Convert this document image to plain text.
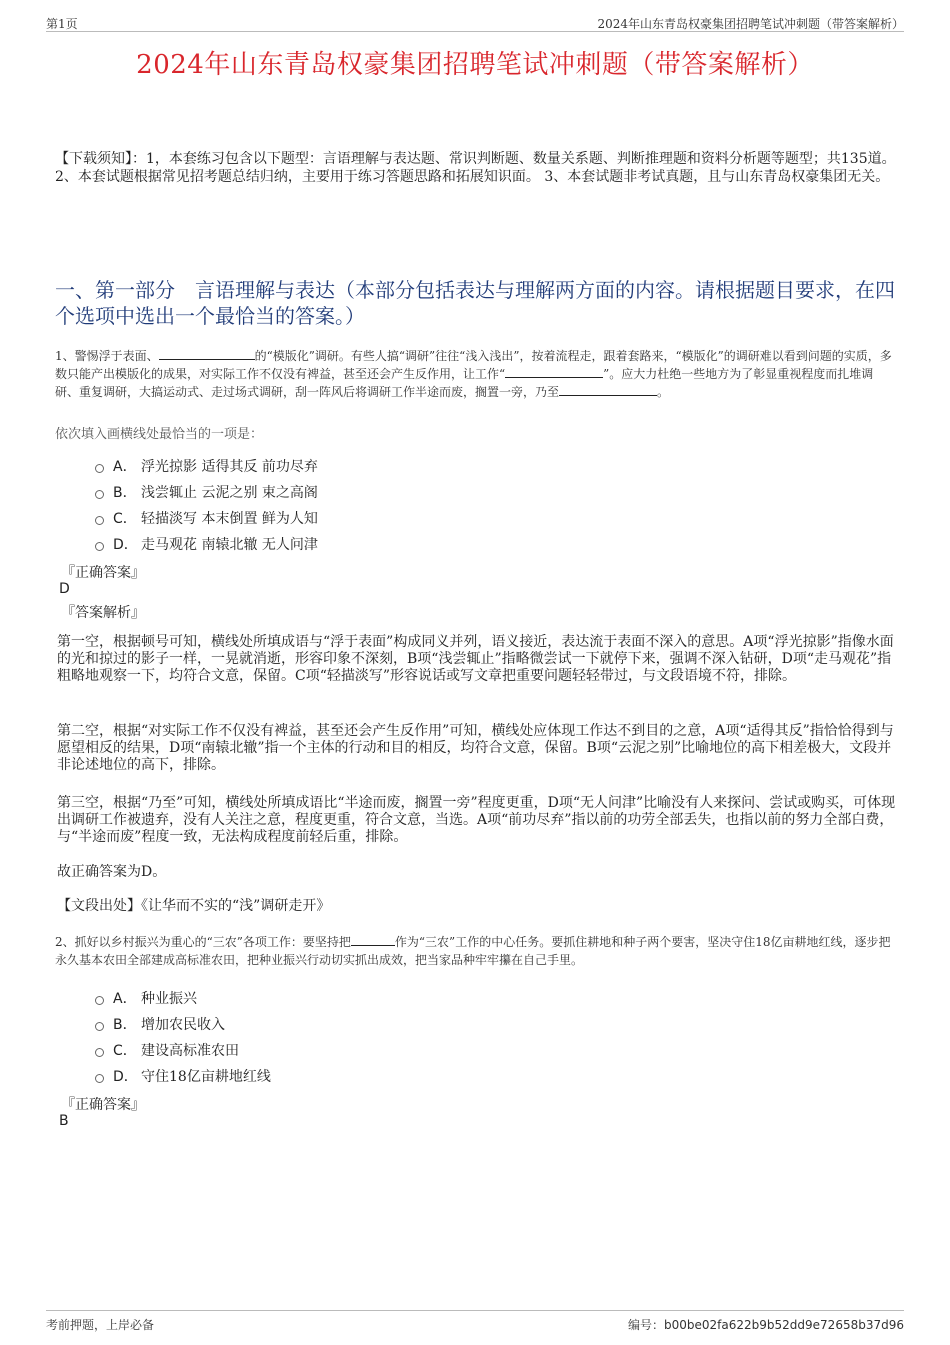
第1页	2024年山东青岛权豪集团招聘笔试冲刺题（带答案解析）
2024年山东青岛权豪集团招聘笔试冲刺题（带答案解析）

【下载须知】：1，本套练习包含以下题型：言语理解与表达题、常识判断题、数量关系题、判断推理题和资料分析题等题型；共135道。 2、本套试题根据常见招考题总结归纳，主要用于练习答题思路和拓展知识面。 3、本套试题非考试真题，且与山东青岛权豪集团无关。

一、第一部分　言语理解与表达（本部分包括表达与理解两方面的内容。请根据题目要求，在四个选项中选出一个最恰当的答案。）

1、警惕浮于表面、	的“模版化”调研。有些人搞“调研”往往“浅入浅出”，按着流程走，跟着套路来，“模版化”的调研难以看到问题的实质，多数只能产出模版化的成果，对实际工作不仅没有裨益，甚至还会产生反作用，让工作“	”。应大力杜绝一些地方为了彰显重视程度而扎堆调研、重复调研，大搞运动式、走过场式调研，刮一阵风后将调研工作半途而废，搁置一旁，乃至	。

依次填入画横线处最恰当的一项是：

A． 浮光掠影 适得其反 前功尽弃
B． 浅尝辄止 云泥之别 束之高阁
C． 轻描淡写 本末倒置 鲜为人知
D． 走马观花 南辕北辙 无人问津

『正确答案』

D

『答案解析』

第一空，根据顿号可知，横线处所填成语与“浮于表面”构成同义并列，语义接近，表达流于表面不深入的意思。A项“浮光掠影”指像水面的光和掠过的影子一样，一晃就消逝，形容印象不深刻，B项“浅尝辄止”指略微尝试一下就停下来，强调不深入钻研，D项“走马观花”指粗略地观察一下，均符合文意，保留。C项“轻描淡写”形容说话或写文章把重要问题轻轻带过，与文段语境不符，排除。

第二空，根据“对实际工作不仅没有裨益，甚至还会产生反作用”可知，横线处应体现工作达不到目的之意，A项“适得其反”指恰恰得到与愿望相反的结果，D项“南辕北辙”指一个主体的行动和目的相反，均符合文意，保留。B项“云泥之别”比喻地位的高下相差极大，文段并非论述地位的高下，排除。

第三空，根据“乃至”可知，横线处所填成语比“半途而废，搁置一旁”程度更重，D项“无人问津”比喻没有人来探问、尝试或购买，可体现出调研工作被遗弃，没有人关注之意，程度更重，符合文意，当选。A项“前功尽弃”指以前的功劳全部丢失，也指以前的努力全部白费，与“半途而废”程度一致，无法构成程度前轻后重，排除。

故正确答案为D。

【文段出处】《让华而不实的“浅”调研走开》

2、抓好以乡村振兴为重心的“三农”各项工作：要坚持把	作为“三农”工作的中心任务。要抓住耕地和种子两个要害，坚决守住18亿亩耕地红线，逐步把永久基本农田全部建成高标准农田，把种业振兴行动切实抓出成效，把当家品种牢牢攥在自己手里。

A． 种业振兴
B． 增加农民收入
C． 建设高标准农田
D． 守住18亿亩耕地红线

『正确答案』

B

考前押题，上岸必备	编号：b00be02fa622b9b52dd9e72658b37d96
